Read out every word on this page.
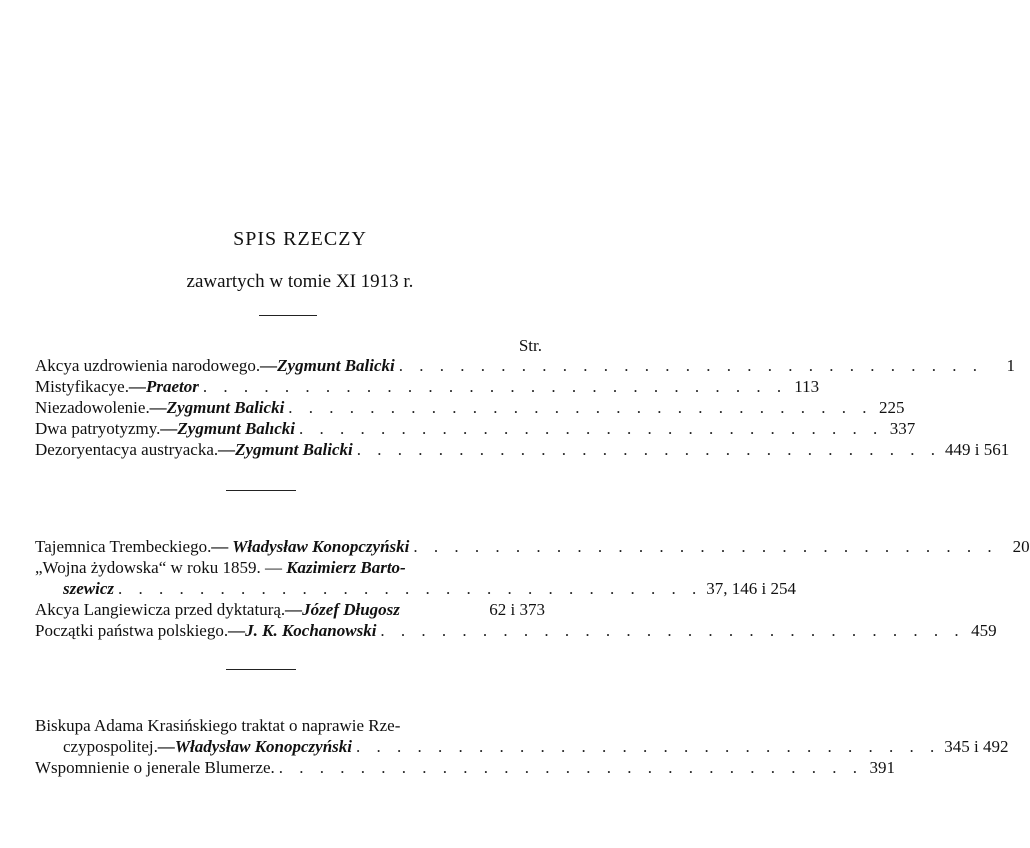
SPIS RZECZY
zawartych w tomie XI 1913 r.
Str.
Akcya uzdrowienia narodowego.—Zygmunt Balicki . . . . . . . . . . . . . . . . . . . . . . . . . . . . .	1
Mistyfikacye.—Praetor . . . . . . . . . . . . . . . . . . . . . . . . . . . . . 113
Niezadowolenie.—Zygmunt Balicki . . . . . . . . . . . . . . . . . . . . . . . . . . . . . 225
Dwa patryotyzmy.—Zygmunt Balıcki . . . . . . . . . . . . . . . . . . . . . . . . . . . . . 337
Dezoryentacya austryacka.—Zygmunt Balicki . . . . . . . . . . . . . . . . . . . . . . . . . . . . . 449 i 561
Tajemnica Trembeckiego.— Władysław Konopczyński . . . . . . . . . . . . . . . . . . . . . . . . . . . . . 20
„Wojna żydowska“ w roku 1859. — Kazimierz Barto-
szewicz . . . . . . . . . . . . . . . . . . . . . . . . . . . . . 37, 146 i 254
Akcya Langiewicza przed dyktaturą.—Józef Długosz	62 i 373
Początki państwa polskiego.—J. K. Kochanowski . . . . . . . . . . . . . . . . . . . . . . . . . . . . . 459
Biskupa Adama Krasińskiego traktat o naprawie Rze-
czypospolitej.—Władysław Konopczyński . . . . . . . . . . . . . . . . . . . . . . . . . . . . . 345 i 492
Wspomnienie o jenerale Blumerze. . . . . . . . . . . . . . . . . . . . . . . . . . . . . . 391
